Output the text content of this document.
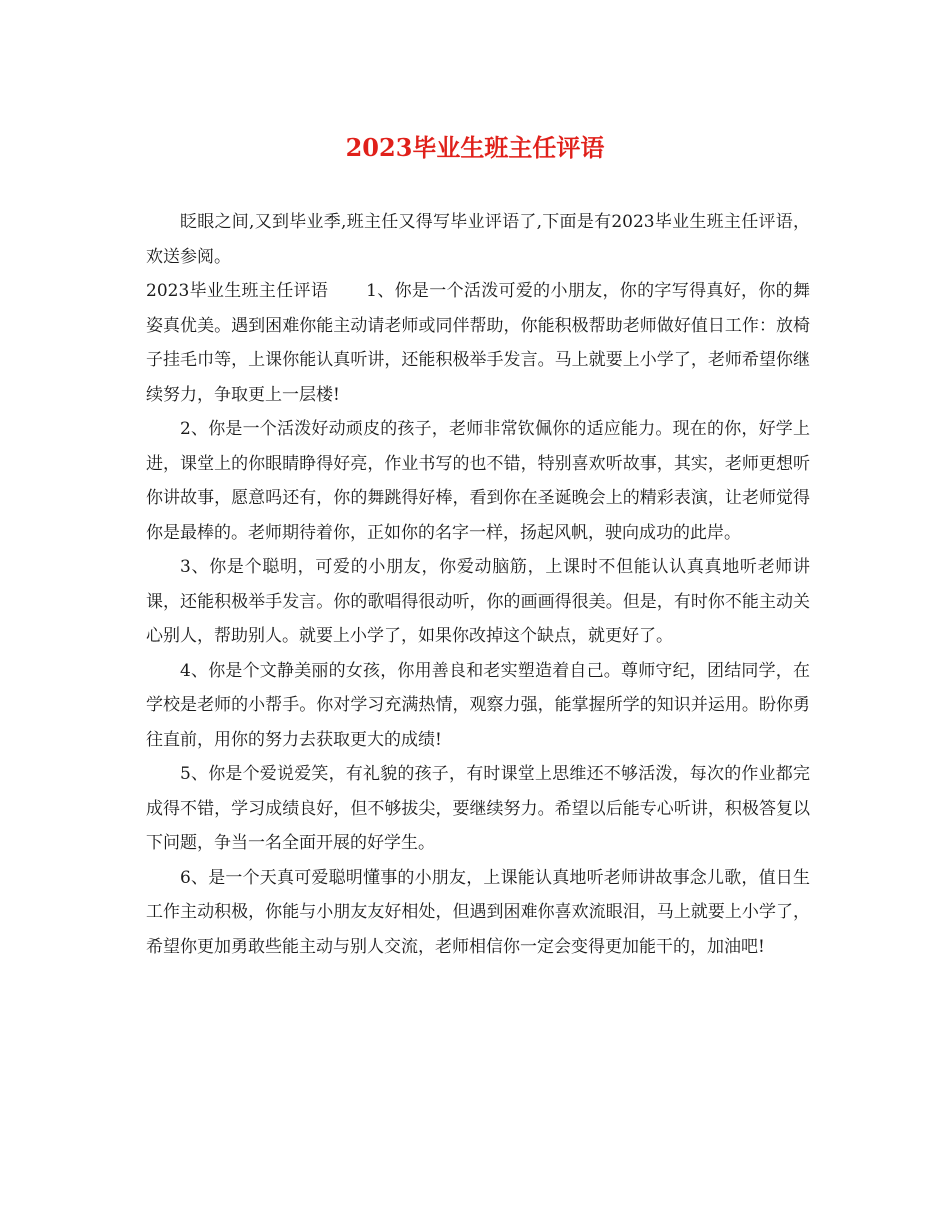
2023毕业生班主任评语

眨眼之间,又到毕业季,班主任又得写毕业评语了,下面是有2023毕业生班主任评语，欢送参阅。

2023毕业生班主任评语 1、你是一个活泼可爱的小朋友，你的字写得真好，你的舞姿真优美。遇到困难你能主动请老师或同伴帮助，你能积极帮助老师做好值日工作：放椅子挂毛巾等，上课你能认真听讲，还能积极举手发言。马上就要上小学了，老师希望你继续努力，争取更上一层楼!

2、你是一个活泼好动顽皮的孩子，老师非常钦佩你的适应能力。现在的你，好学上进，课堂上的你眼睛睁得好亮，作业书写的也不错，特别喜欢听故事，其实，老师更想听你讲故事，愿意吗还有，你的舞跳得好棒，看到你在圣诞晚会上的精彩表演，让老师觉得你是最棒的。老师期待着你，正如你的名字一样，扬起风帆，驶向成功的此岸。

3、你是个聪明，可爱的小朋友，你爱动脑筋，上课时不但能认认真真地听老师讲课，还能积极举手发言。你的歌唱得很动听，你的画画得很美。但是，有时你不能主动关心别人，帮助别人。就要上小学了，如果你改掉这个缺点，就更好了。

4、你是个文静美丽的女孩，你用善良和老实塑造着自己。尊师守纪，团结同学，在学校是老师的小帮手。你对学习充满热情，观察力强，能掌握所学的知识并运用。盼你勇往直前，用你的努力去获取更大的成绩!

5、你是个爱说爱笑，有礼貌的孩子，有时课堂上思维还不够活泼，每次的作业都完成得不错，学习成绩良好，但不够拔尖，要继续努力。希望以后能专心听讲，积极答复以下问题，争当一名全面开展的好学生。

6、是一个天真可爱聪明懂事的小朋友，上课能认真地听老师讲故事念儿歌，值日生工作主动积极，你能与小朋友友好相处，但遇到困难你喜欢流眼泪，马上就要上小学了，希望你更加勇敢些能主动与别人交流，老师相信你一定会变得更加能干的，加油吧!
